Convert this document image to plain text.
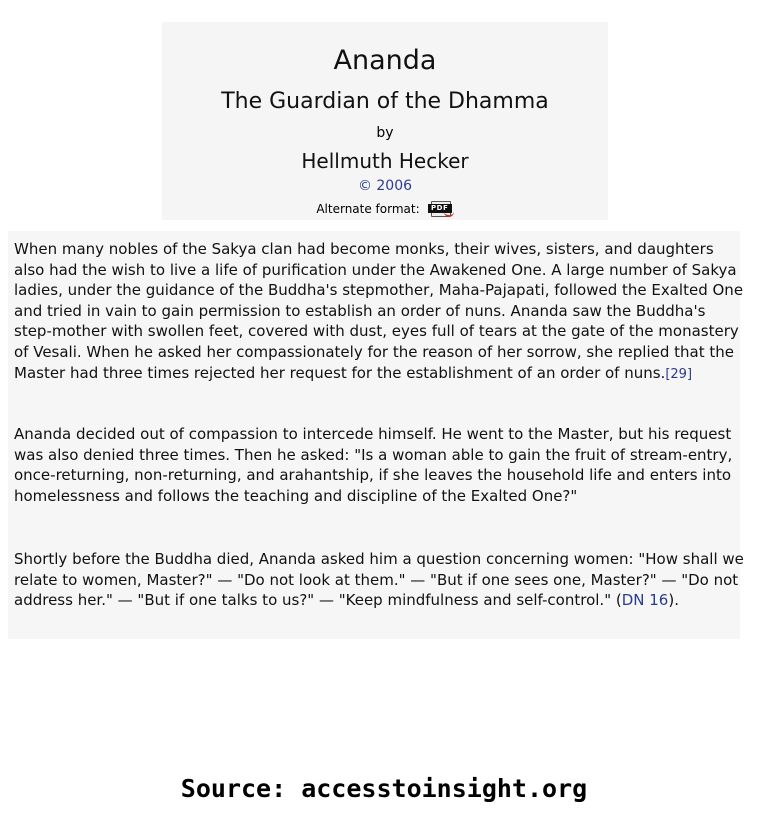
Ananda
The Guardian of the Dhamma
by
Hellmuth Hecker
© 2006
Alternate format:	PDF

When many nobles of the Sakya clan had become monks, their wives, sisters, and daughters also had the wish to live a life of purification under the Awakened One. A large number of Sakya ladies, under the guidance of the Buddha's stepmother, Maha-Pajapati, followed the Exalted One and tried in vain to gain permission to establish an order of nuns. Ananda saw the Buddha's step-mother with swollen feet, covered with dust, eyes full of tears at the gate of the monastery of Vesali. When he asked her compassionately for the reason of her sorrow, she replied that the Master had three times rejected her request for the establishment of an order of nuns.[29]

Ananda decided out of compassion to intercede himself. He went to the Master, but his request was also denied three times. Then he asked: "Is a woman able to gain the fruit of stream-entry, once-returning, non-returning, and arahantship, if she leaves the household life and enters into homelessness and follows the teaching and discipline of the Exalted One?"

Shortly before the Buddha died, Ananda asked him a question concerning women: "How shall we relate to women, Master?" — "Do not look at them." — "But if one sees one, Master?" — "Do not address her." — "But if one talks to us?" — "Keep mindfulness and self-control." (DN 16).

Source: accesstoinsight.org
